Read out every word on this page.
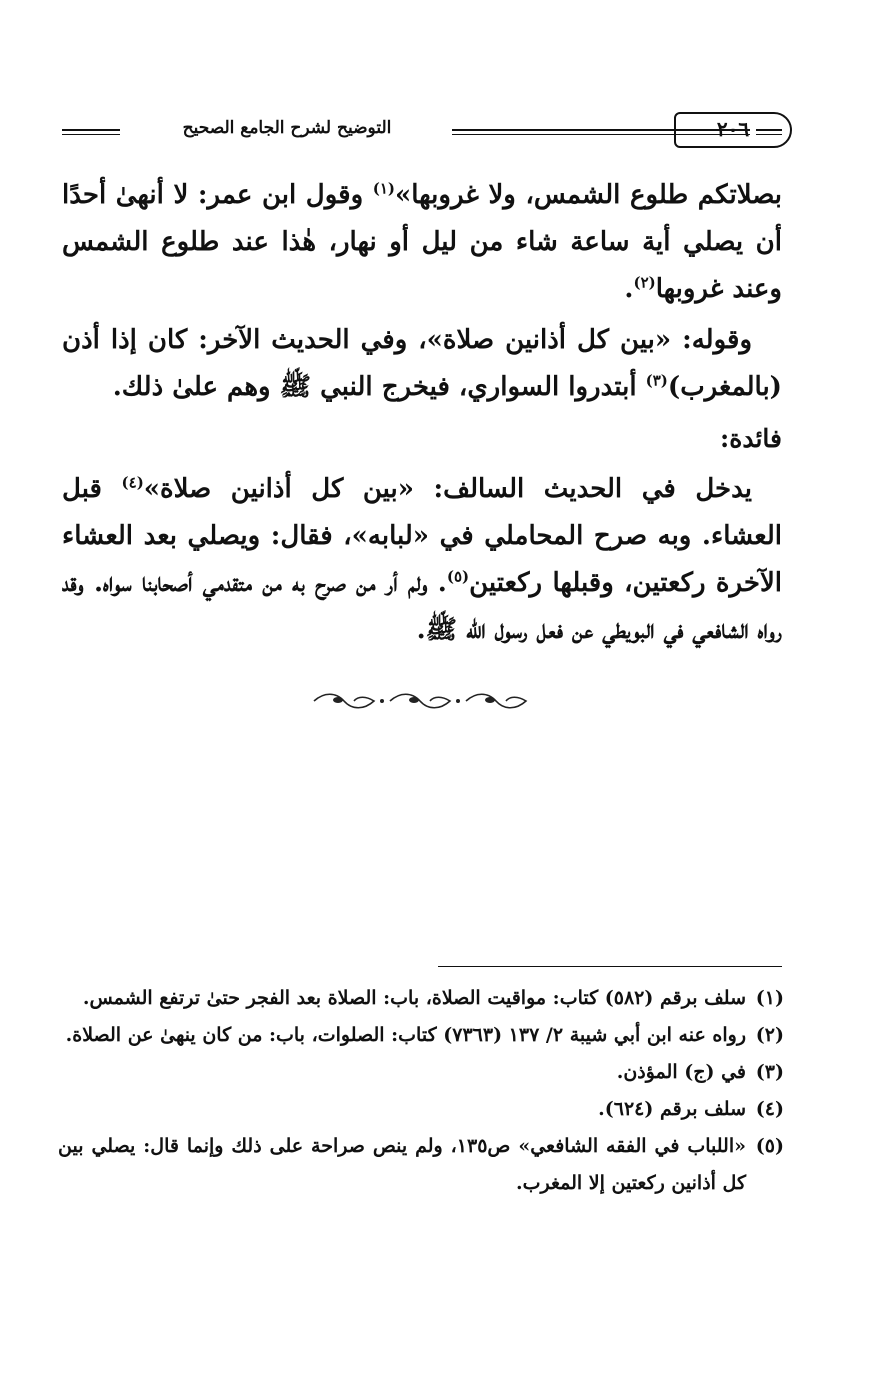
٢٠٦
التوضيح لشرح الجامع الصحيح

بصلاتكم طلوع الشمس، ولا غروبها»$^{(١)}$ وقول ابن عمر: لا أنهىٰ أحدًا أن يصلي أية ساعة شاء من ليل أو نهار، هٰذا عند طلوع الشمس وعند غروبها$^{(٢)}$.

وقوله: «بين كل أذانين صلاة»، وفي الحديث الآخر: كان إذا أذن (بالمغرب)$^{(٣)}$ أبتدروا السواري، فيخرج النبي ﷺ وهم علىٰ ذلك.

فائدة:

يدخل في الحديث السالف: «بين كل أذانين صلاة»$^{(٤)}$ قبل العشاء. وبه صرح المحاملي في «لبابه»، فقال: ويصلي بعد العشاء الآخرة ركعتين، وقبلها ركعتين$^{(٥)}$. ولم أر من صرح به من متقدمي أصحابنا سواه. وقد رواه الشافعي في البويطي عن فعل رسول الله ﷺ.

(١)
سلف برقم (٥٨٢) كتاب: مواقيت الصلاة، باب: الصلاة بعد الفجر حتىٰ ترتفع الشمس.
(٢)
رواه عنه ابن أبي شيبة ٢/ ١٣٧ (٧٣٦٣) كتاب: الصلوات، باب: من كان ينهىٰ عن الصلاة.
(٣)
في (ج) المؤذن.
(٤)
سلف برقم (٦٢٤).
(٥)
«اللباب في الفقه الشافعي» ص١٣٥، ولم ينص صراحة على ذلك وإنما قال: يصلي بين كل أذانين ركعتين إلا المغرب.
